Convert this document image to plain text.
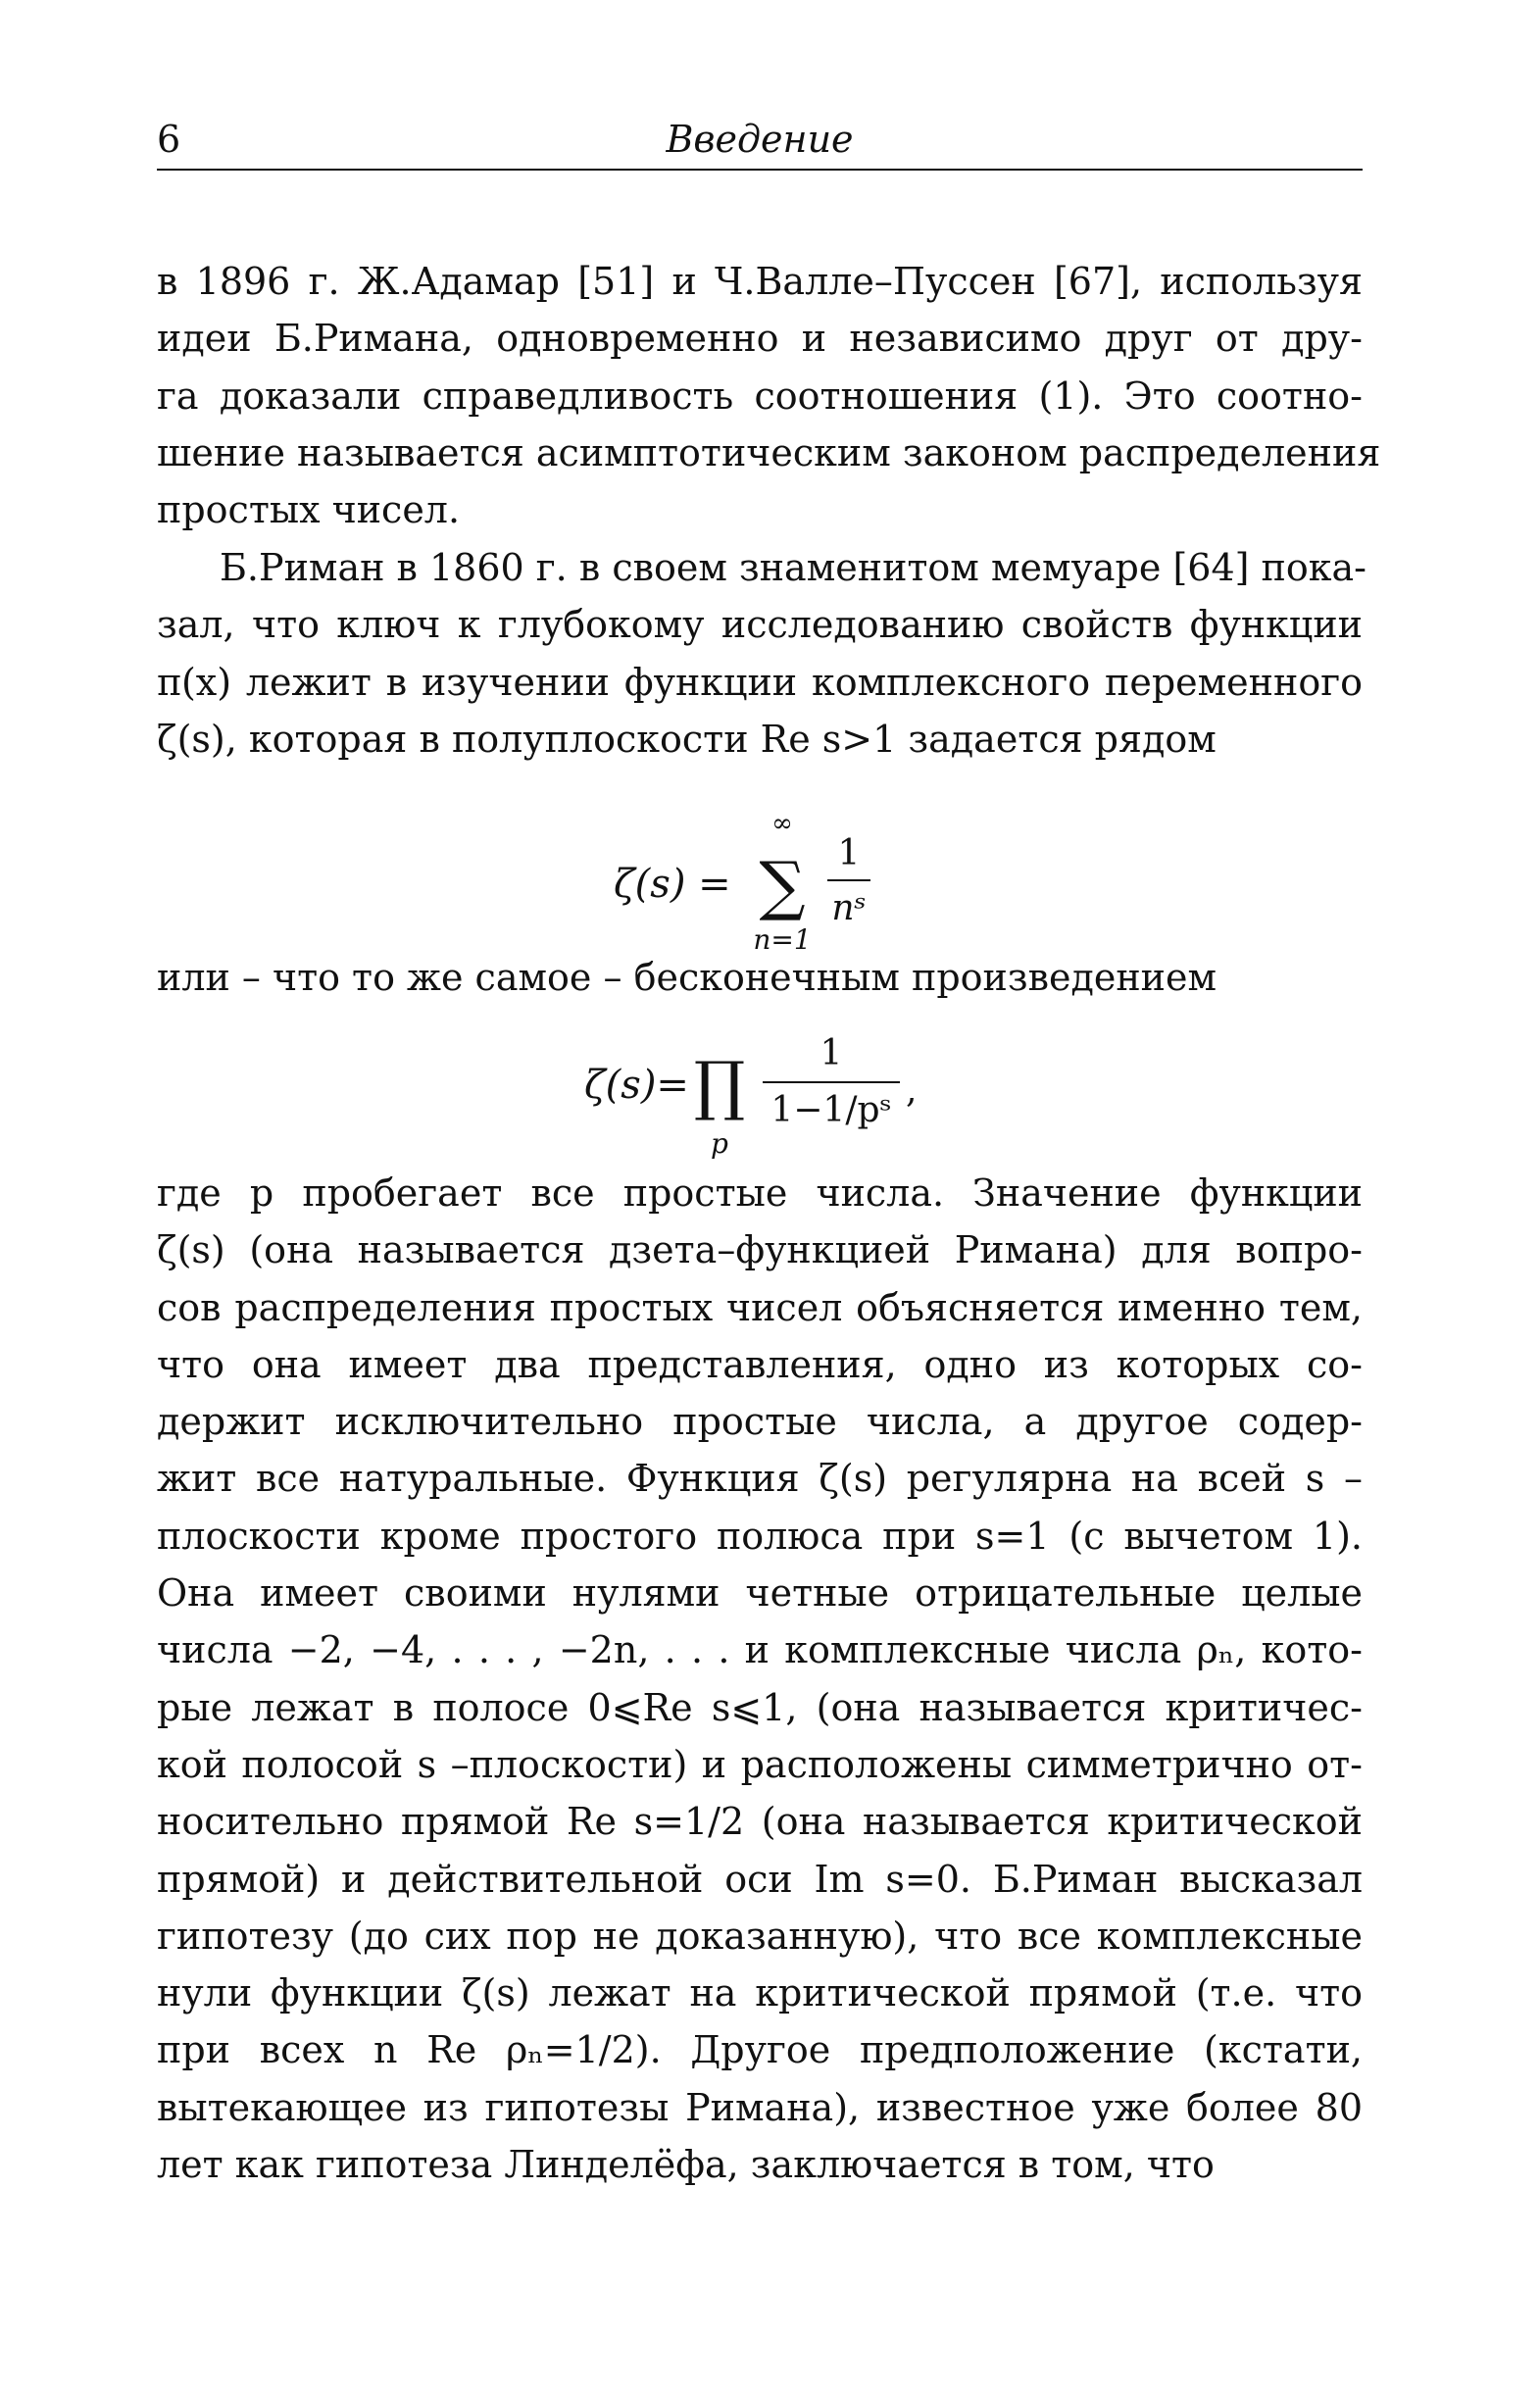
6	Введение
в 1896 г. Ж.Адамар [51] и Ч.Валле–Пуссен [67], используя
идеи Б.Римана, одновременно и независимо друг от дру-
га доказали справедливость соотношения (1). Это соотно-
шение называется асимптотическим законом распределения
простых чисел.
Б.Риман в 1860 г. в своем знаменитом мемуаре [64] пока-
зал, что ключ к глубокому исследованию свойств функции
π(x) лежит в изучении функции комплексного переменного
ζ(s), которая в полуплоскости Re s>1 задается рядом
ζ(s) =
∞
∑
n=1
1
nˢ
или – что то же самое – бесконечным произведением
ζ(s)= ∏
p
1
1−1/pˢ ,
где p пробегает все простые числа. Значение функции
ζ(s) (она называется дзета–функцией Римана) для вопро-
сов распределения простых чисел объясняется именно тем,
что она имеет два представления, одно из которых со-
держит исключительно простые числа, а другое содер-
жит все натуральные. Функция ζ(s) регулярна на всей s –
плоскости кроме простого полюса при s=1 (с вычетом 1).
Она имеет своими нулями четные отрицательные целые
числа −2, −4, . . . , −2n, . . . и комплексные числа ρₙ, кото-
рые лежат в полосе 0⩽Re s⩽1, (она называется критичес-
кой полосой s –плоскости) и расположены симметрично от-
носительно прямой Re s=1/2 (она называется критической
прямой) и действительной оси Im s=0. Б.Риман высказал
гипотезу (до сих пор не доказанную), что все комплексные
нули функции ζ(s) лежат на критической прямой (т.е. что
при всех n Re ρₙ=1/2). Другое предположение (кстати,
вытекающее из гипотезы Римана), известное уже более 80
лет как гипотеза Линделёфа, заключается в том, что
